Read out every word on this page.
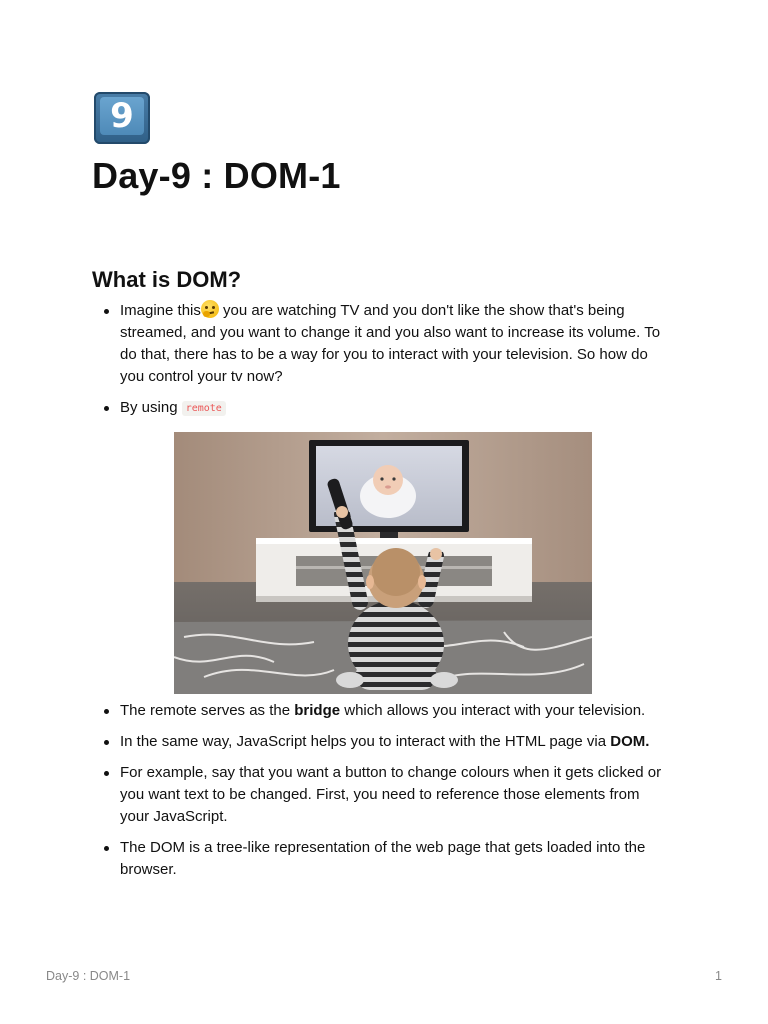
9
Day-9 : DOM-1
What is DOM?
Imagine this
you are watching TV and you don't like the show that's being streamed, and you want to change it and you also want to increase its volume. To do that, there has to be a way for you to interact with your television. So how do you control your tv now?
By using remote
The remote serves as the bridge which allows you interact with your television.
In the same way, JavaScript helps you to interact with the HTML page via DOM.
For example, say that you want a button to change colours when it gets clicked or you want text to be changed. First, you need to reference those elements from your JavaScript.
The DOM is a tree-like representation of the web page that gets loaded into the browser.
Day-9 : DOM-1	1
